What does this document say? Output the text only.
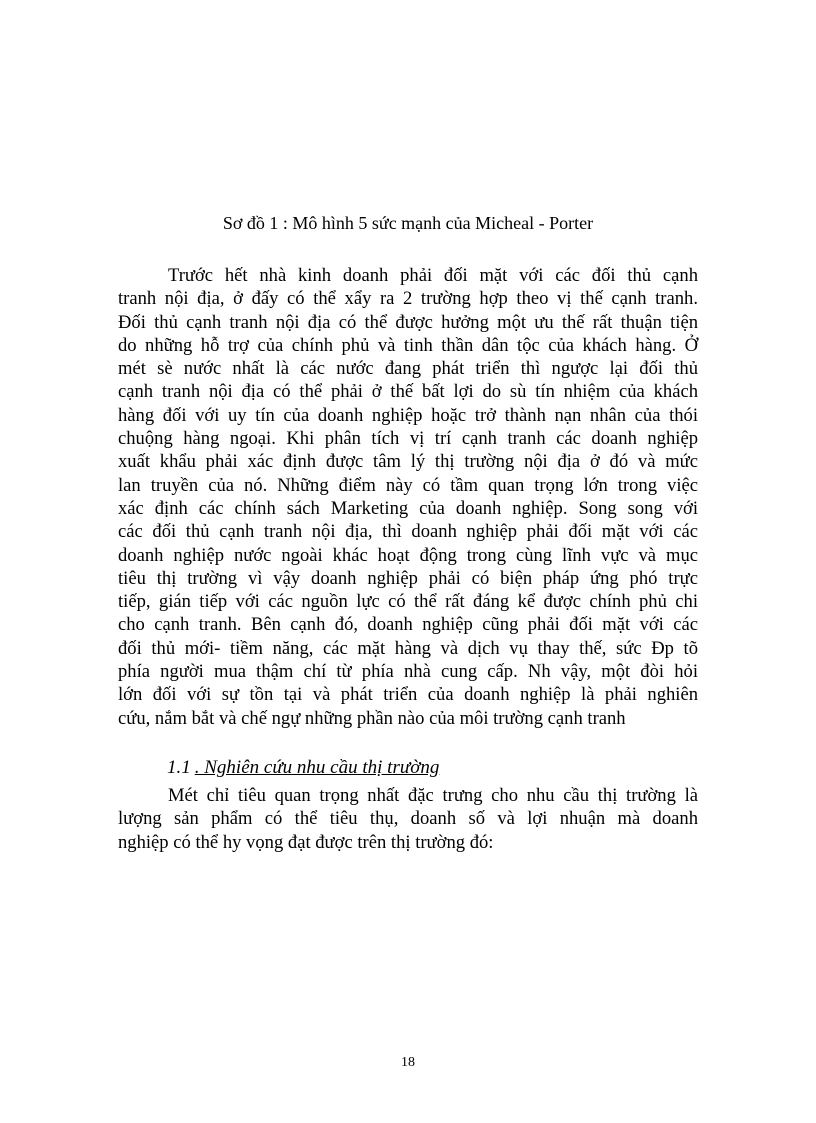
Sơ đồ 1 : Mô hình 5 sức mạnh của Micheal - Porter
Trước hết nhà kinh doanh phải đối mặt với các đối thủ cạnh
tranh nội địa, ở đấy có thể xẩy ra 2 trường hợp theo vị thế cạnh tranh.
Đối thủ cạnh tranh nội địa có thể được hưởng một ưu thế rất thuận tiện
do những hỗ trợ của chính phủ và tinh thần dân tộc của khách hàng. Ở
mét sè nước nhất là các nước đang phát triển thì ngược lại đối thủ
cạnh tranh nội địa có thể phải ở thế bất lợi do sù tín nhiệm của khách
hàng đối với uy tín của doanh nghiệp hoặc trở thành nạn nhân của thói
chuộng hàng ngoại. Khi phân tích vị trí cạnh tranh các doanh nghiệp
xuất khẩu phải xác định được tâm lý thị trường nội địa ở đó và mức
lan truyền của nó. Những điểm này có tầm quan trọng lớn trong việc
xác định các chính sách Marketing của doanh nghiệp. Song song với
các đối thủ cạnh tranh nội địa, thì doanh nghiệp phải đối mặt với các
doanh nghiệp nước ngoài khác hoạt động trong cùng lĩnh vực và mục
tiêu thị trường vì vậy doanh nghiệp phải có biện pháp ứng phó trực
tiếp, gián tiếp với các nguồn lực có thể rất đáng kể được chính phủ chi
cho cạnh tranh. Bên cạnh đó, doanh nghiệp cũng phải đối mặt với các
đối thủ mới- tiềm năng, các mặt hàng và dịch vụ thay thế, sức Ðp tõ
phía người mua thậm chí từ phía nhà cung cấp. Nh vậy, một đòi hỏi
lớn đối với sự tồn tại và phát triển của doanh nghiệp là phải nghiên
cứu, nắm bắt và chế ngự những phần nào của môi trường cạnh tranh
1.1 . Nghiên cứu nhu cầu thị trường
Mét chỉ tiêu quan trọng nhất đặc trưng cho nhu cầu thị trường là
lượng sản phẩm có thể tiêu thụ, doanh số và lợi nhuận mà doanh
nghiệp có thể hy vọng đạt được trên thị trường đó:
18
